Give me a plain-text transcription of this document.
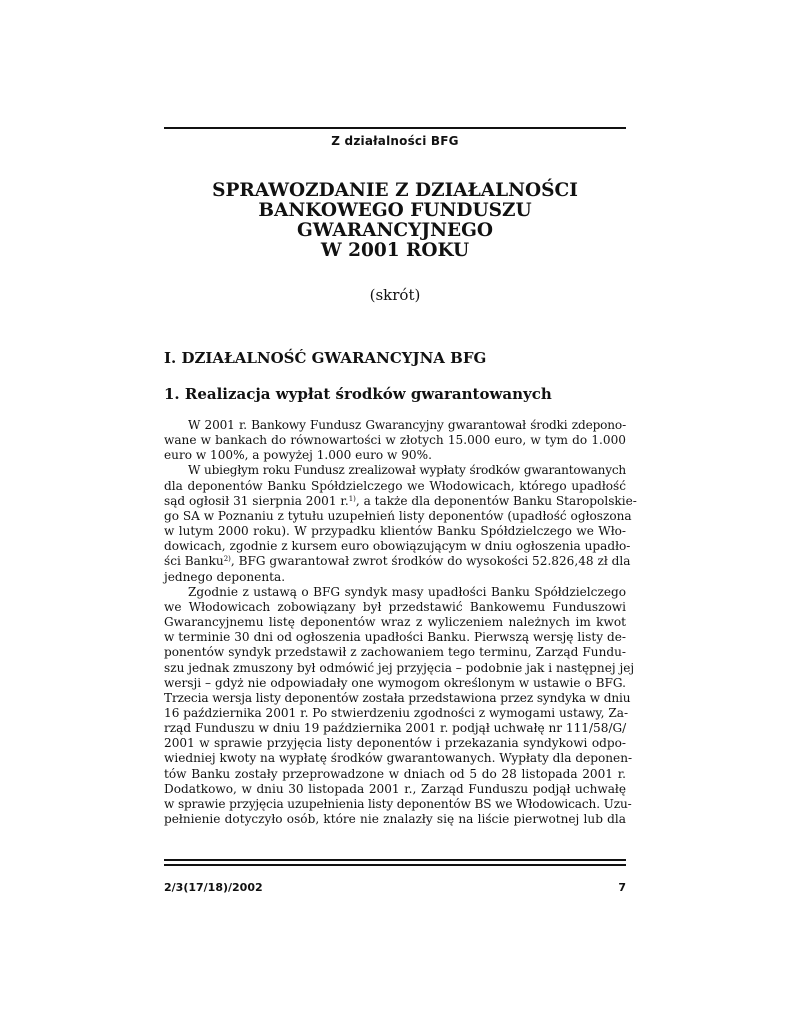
Z działalności BFG
SPRAWOZDANIE Z DZIAŁALNOŚCI
BANKOWEGO FUNDUSZU
GWARANCYJNEGO
W 2001 ROKU
(skrót)
I. DZIAŁALNOŚĆ GWARANCYJNA BFG
1. Realizacja wypłat środków gwarantowanych

W 2001 r. Bankowy Fundusz Gwarancyjny gwarantował środki zdepono-
wane w bankach do równowartości w złotych 15.000 euro, w tym do 1.000
euro w 100%, a powyżej 1.000 euro w 90%.

W ubiegłym roku Fundusz zrealizował wypłaty środków gwarantowanych
dla deponentów Banku Spółdzielczego we Włodowicach, którego upadłość
sąd ogłosił 31 sierpnia 2001 r.$^{1)}$, a także dla deponentów Banku Staropolskie-
go SA w Poznaniu z tytułu uzupełnień listy deponentów (upadłość ogłoszona
w lutym 2000 roku). W przypadku klientów Banku Spółdzielczego we Wło-
dowicach, zgodnie z kursem euro obowiązującym w dniu ogłoszenia upadło-
ści Banku$^{2)}$, BFG gwarantował zwrot środków do wysokości 52.826,48 zł dla
jednego deponenta.

Zgodnie z ustawą o BFG syndyk masy upadłości Banku Spółdzielczego
we Włodowicach zobowiązany był przedstawić Bankowemu Funduszowi
Gwarancyjnemu listę deponentów wraz z wyliczeniem należnych im kwot
w terminie 30 dni od ogłoszenia upadłości Banku. Pierwszą wersję listy de-
ponentów syndyk przedstawił z zachowaniem tego terminu, Zarząd Fundu-
szu jednak zmuszony był odmówić jej przyjęcia – podobnie jak i następnej jej
wersji – gdyż nie odpowiadały one wymogom określonym w ustawie o BFG.
Trzecia wersja listy deponentów została przedstawiona przez syndyka w dniu
16 października 2001 r. Po stwierdzeniu zgodności z wymogami ustawy, Za-
rząd Funduszu w dniu 19 października 2001 r. podjął uchwałę nr 111/58/G/
2001 w sprawie przyjęcia listy deponentów i przekazania syndykowi odpo-
wiedniej kwoty na wypłatę środków gwarantowanych. Wypłaty dla deponen-
tów Banku zostały przeprowadzone w dniach od 5 do 28 listopada 2001 r.
Dodatkowo, w dniu 30 listopada 2001 r., Zarząd Funduszu podjął uchwałę
w sprawie przyjęcia uzupełnienia listy deponentów BS we Włodowicach. Uzu-
pełnienie dotyczyło osób, które nie znalazły się na liście pierwotnej lub dla

2/3(17/18)/2002	7
